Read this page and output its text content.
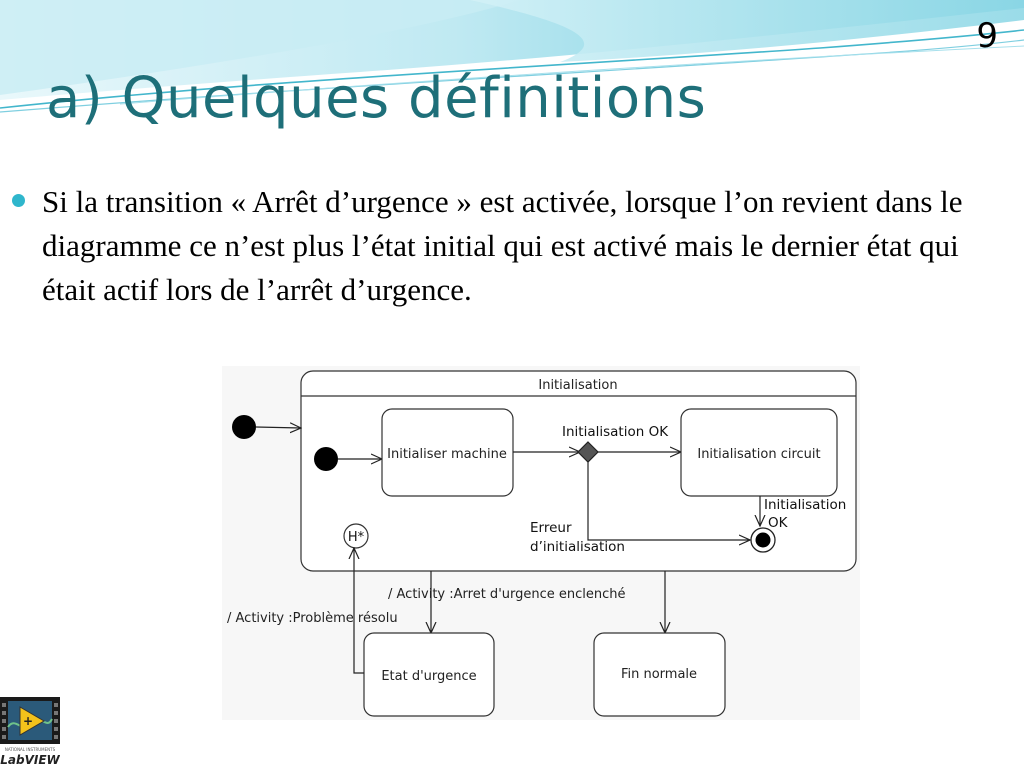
9
a) Quelques définitions
Si la transition « Arrêt d’urgence » est activée, lorsque l’on revient dans le diagramme ce n’est plus l’état initial qui est activé mais le dernier état qui était actif lors de l’arrêt d’urgence.
Initialisation
Initialiser machine
Initialisation OK
Initialisation circuit
Initialisation
OK
Erreur
d’initialisation
H*
/ Activity :Arret d'urgence enclenché
Etat d'urgence	Fin normale
/ Activity :Problème résolu
+
NATIONAL INSTRUMENTS
LabVIEW
